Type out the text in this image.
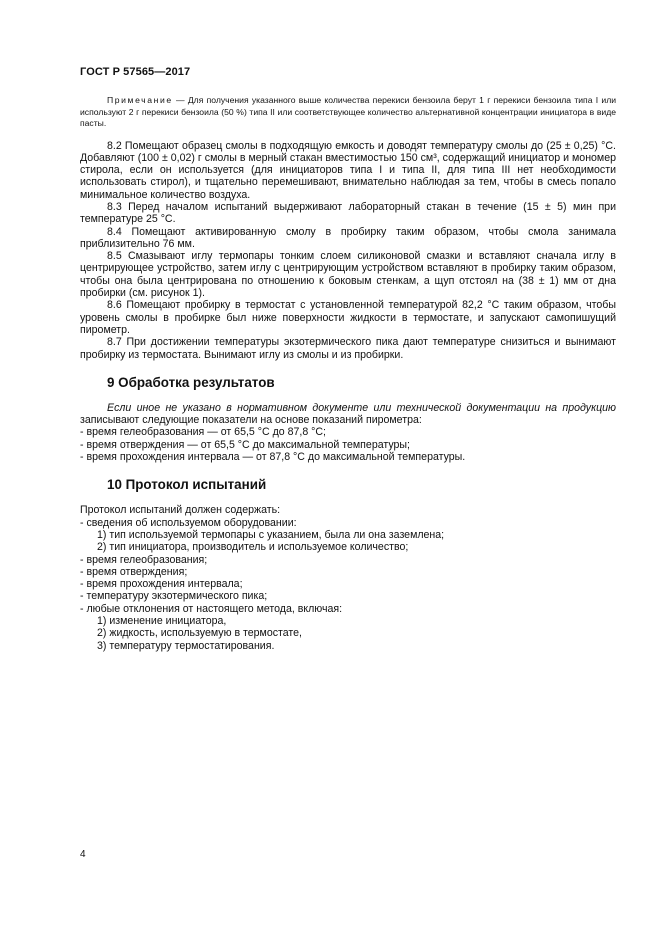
ГОСТ Р 57565—2017

Примечание — Для получения указанного выше количества перекиси бензоила берут 1 г перекиси бензоила типа I или используют 2 г перекиси бензоила (50 %) типа II или соответствующее количество альтернативной концентрации инициатора в виде пасты.

8.2 Помещают образец смолы в подходящую емкость и доводят температуру смолы до (25 ± 0,25) °С. Добавляют (100 ± 0,02) г смолы в мерный стакан вместимостью 150 см³, содержащий инициатор и мономер стирола, если он используется (для инициаторов типа I и типа II, для типа III нет необходимости использовать стирол), и тщательно перемешивают, внимательно наблюдая за тем, чтобы в смесь попало минимальное количество воздуха.

8.3 Перед началом испытаний выдерживают лабораторный стакан в течение (15 ± 5) мин при температуре 25 °С.

8.4 Помещают активированную смолу в пробирку таким образом, чтобы смола занимала приблизительно 76 мм.

8.5 Смазывают иглу термопары тонким слоем силиконовой смазки и вставляют сначала иглу в центрирующее устройство, затем иглу с центрирующим устройством вставляют в пробирку таким образом, чтобы она была центрирована по отношению к боковым стенкам, а щуп отстоял на (38 ± 1) мм от дна пробирки (см. рисунок 1).

8.6 Помещают пробирку в термостат с установленной температурой 82,2 °С таким образом, чтобы уровень смолы в пробирке был ниже поверхности жидкости в термостате, и запускают самопишущий пирометр.

8.7 При достижении температуры экзотермического пика дают температуре снизиться и вынимают пробирку из термостата. Вынимают иглу из смолы и из пробирки.

9 Обработка результатов

Если иное не указано в нормативном документе или технической документации на продукцию записывают следующие показатели на основе показаний пирометра:

- время гелеобразования — от 65,5 °С до 87,8 °С;

- время отверждения — от 65,5 °С до максимальной температуры;

- время прохождения интервала — от 87,8 °С до максимальной температуры.

10 Протокол испытаний

Протокол испытаний должен содержать:

- сведения об используемом оборудовании:

1) тип используемой термопары с указанием, была ли она заземлена;

2) тип инициатора, производитель и используемое количество;

- время гелеобразования;

- время отверждения;

- время прохождения интервала;

- температуру экзотермического пика;

- любые отклонения от настоящего метода, включая:

1) изменение инициатора,

2) жидкость, используемую в термостате,

3) температуру термостатирования.

4
